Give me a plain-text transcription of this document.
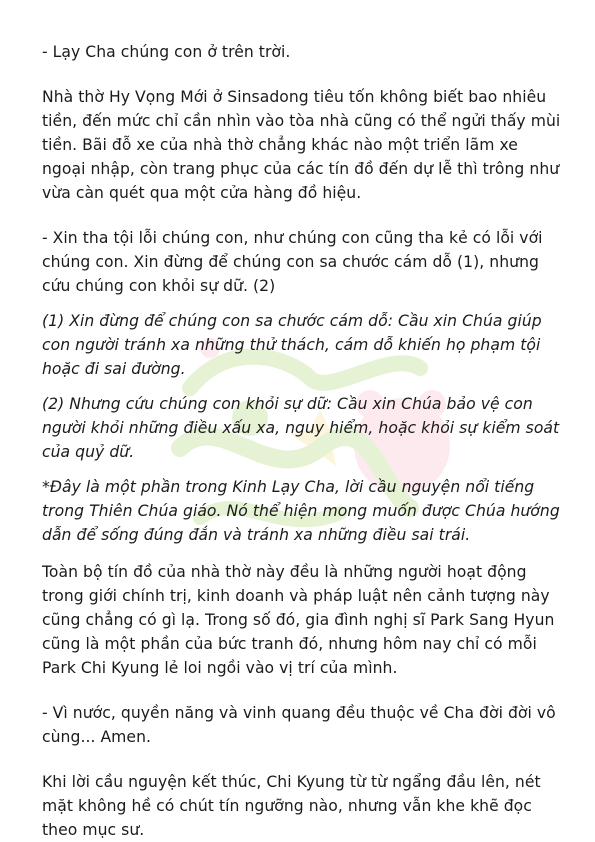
- Lạy Cha chúng con ở trên trời.

Nhà thờ Hy Vọng Mới ở Sinsadong tiêu tốn không biết bao nhiêu tiền, đến mức chỉ cần nhìn vào tòa nhà cũng có thể ngửi thấy mùi tiền. Bãi đỗ xe của nhà thờ chẳng khác nào một triển lãm xe ngoại nhập, còn trang phục của các tín đồ đến dự lễ thì trông như vừa càn quét qua một cửa hàng đồ hiệu.

- Xin tha tội lỗi chúng con, như chúng con cũng tha kẻ có lỗi với chúng con. Xin đừng để chúng con sa chước cám dỗ (1), nhưng cứu chúng con khỏi sự dữ. (2)

(1) Xin đừng để chúng con sa chước cám dỗ: Cầu xin Chúa giúp con người tránh xa những thử thách, cám dỗ khiến họ phạm tội hoặc đi sai đường.

(2) Nhưng cứu chúng con khỏi sự dữ: Cầu xin Chúa bảo vệ con người khỏi những điều xấu xa, nguy hiểm, hoặc khỏi sự kiểm soát của quỷ dữ.

*Đây là một phần trong Kinh Lạy Cha, lời cầu nguyện nổi tiếng trong Thiên Chúa giáo. Nó thể hiện mong muốn được Chúa hướng dẫn để sống đúng đắn và tránh xa những điều sai trái.

Toàn bộ tín đồ của nhà thờ này đều là những người hoạt động trong giới chính trị, kinh doanh và pháp luật nên cảnh tượng này cũng chẳng có gì lạ. Trong số đó, gia đình nghị sĩ Park Sang Hyun cũng là một phần của bức tranh đó, nhưng hôm nay chỉ có mỗi Park Chi Kyung lẻ loi ngồi vào vị trí của mình.

- Vì nước, quyền năng và vinh quang đều thuộc về Cha đời đời vô cùng... Amen.

Khi lời cầu nguyện kết thúc, Chi Kyung từ từ ngẩng đầu lên, nét mặt không hề có chút tín ngưỡng nào, nhưng vẫn khe khẽ đọc theo mục sư.
